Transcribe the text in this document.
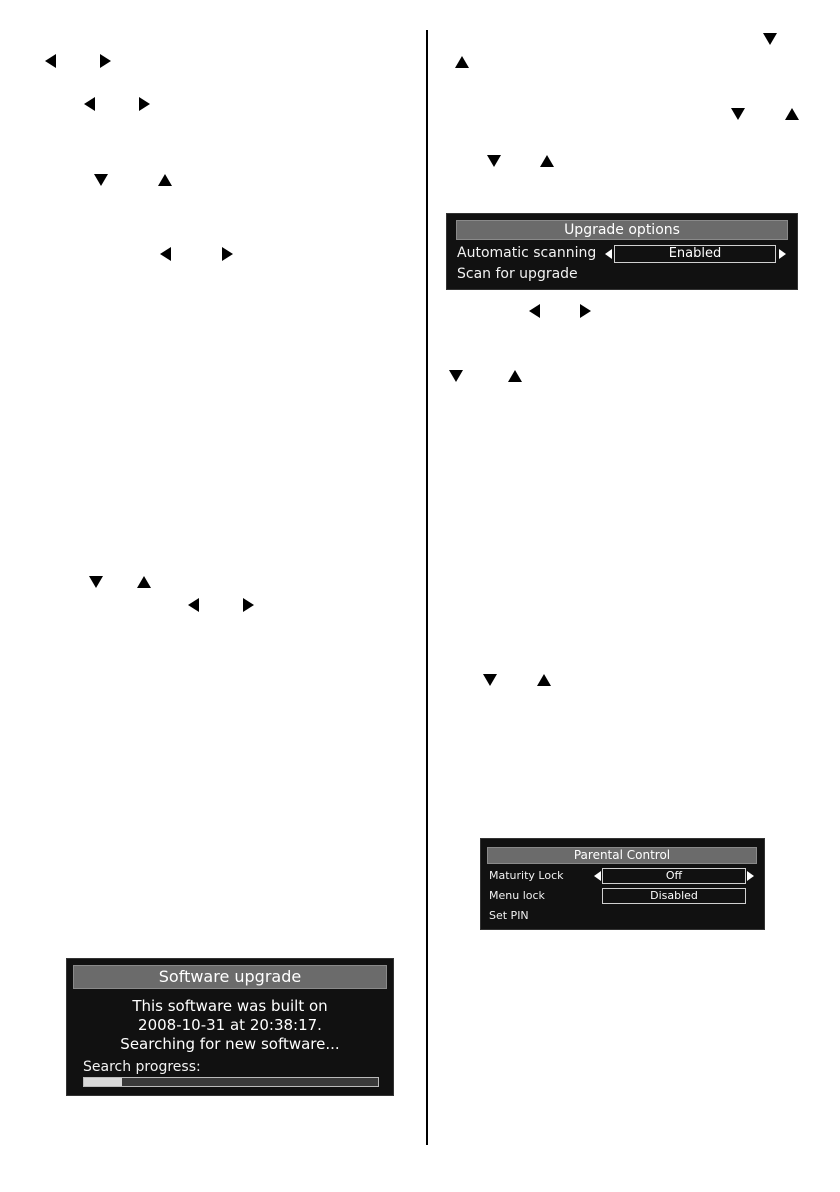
Upgrade options
Automatic scanning	Enabled
Scan for upgrade
Parental Control
Maturity Lock	Off
Menu lock	Disabled
Set PIN
Software upgrade
This software was built on
2008-10-31 at 20:38:17.
Searching for new software...
Search progress:
